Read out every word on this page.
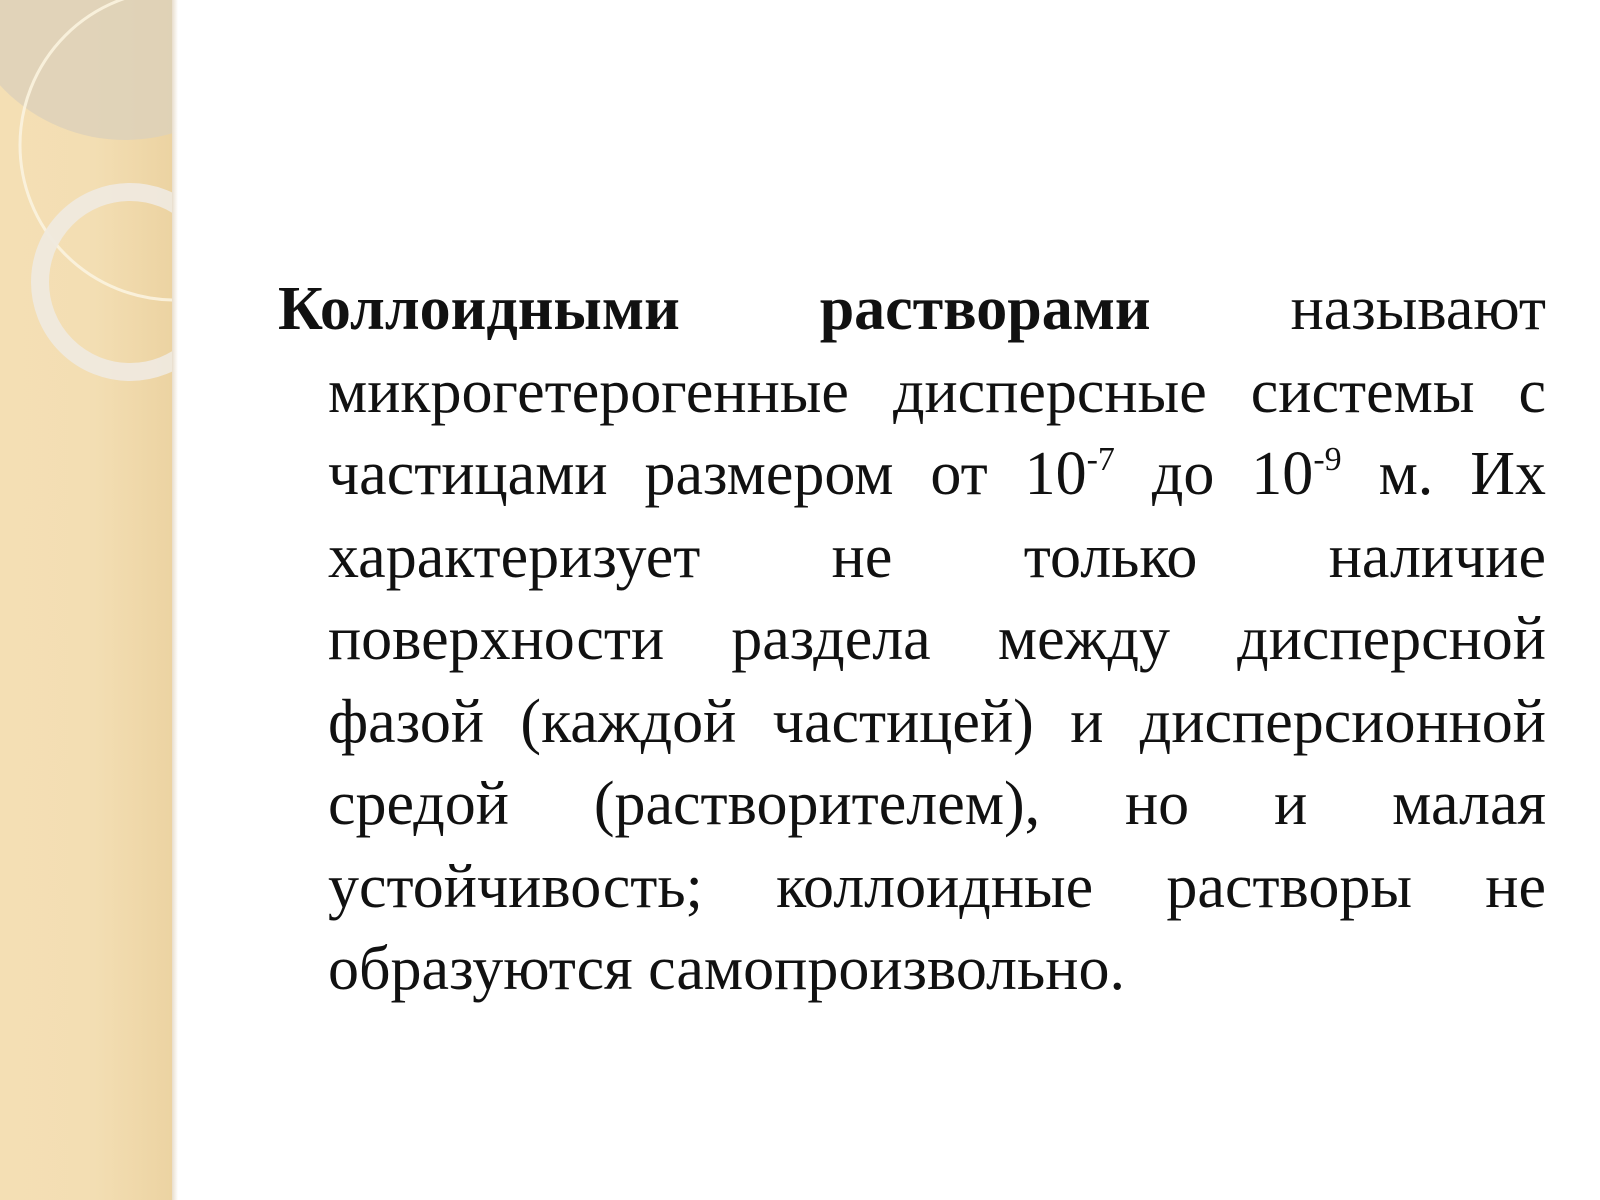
Коллоидными растворами называют микрогетерогенные дисперсные системы с частицами размером от $10^{-7}$ до $10^{-9}$ м. Их характеризует не только наличие поверхности раздела между дисперсной фазой (каждой частицей) и дисперсионной средой (растворителем), но и малая устойчивость; коллоидные растворы не образуются самопроизвольно.
